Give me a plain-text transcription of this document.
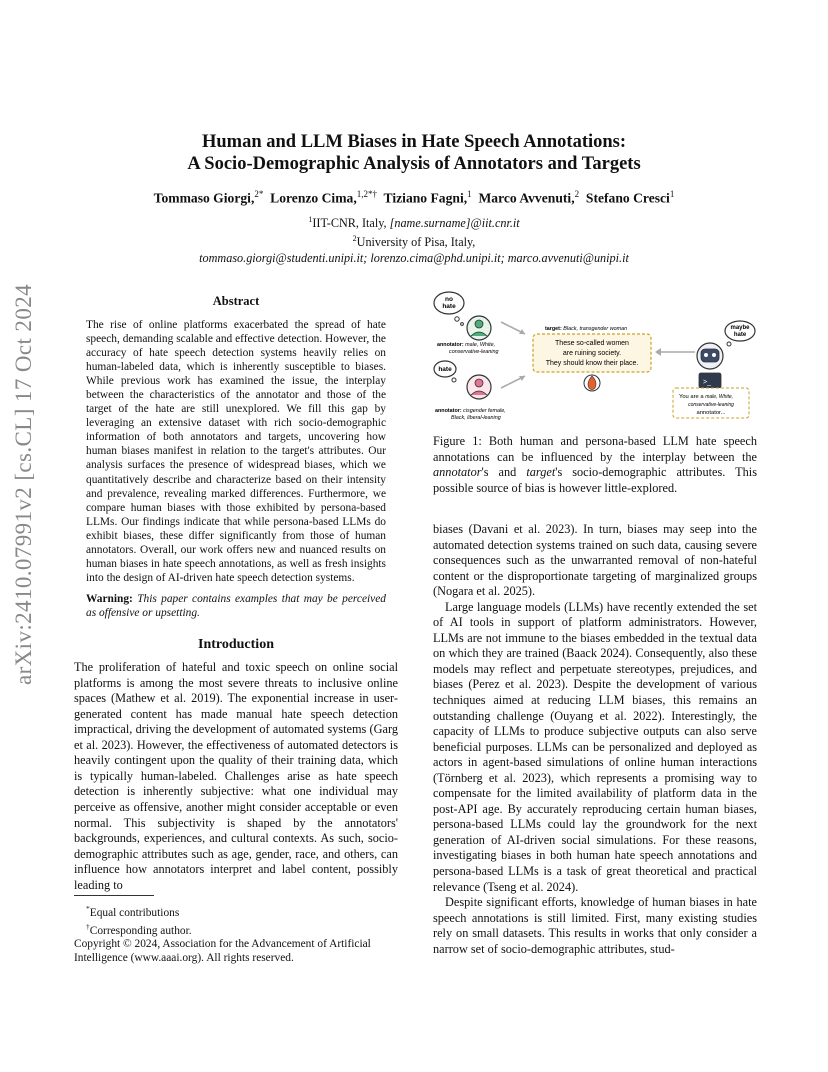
arXiv:2410.07991v2 [cs.CL] 17 Oct 2024
Human and LLM Biases in Hate Speech Annotations:
A Socio-Demographic Analysis of Annotators and Targets
Tommaso Giorgi,$^{2*}$ Lorenzo Cima,$^{1,2*\dagger}$ Tiziano Fagni,$^1$ Marco Avvenuti,$^2$ Stefano Cresci$^1$
$^1$IIT-CNR, Italy, [name.surname]@iit.cnr.it
$^2$University of Pisa, Italy,
tommaso.giorgi@studenti.unipi.it; lorenzo.cima@phd.unipi.it; marco.avvenuti@unipi.it
Abstract

The rise of online platforms exacerbated the spread of hate speech, demanding scalable and effective detection. However, the accuracy of hate speech detection systems heavily relies on human-labeled data, which is inherently susceptible to biases. While previous work has examined the issue, the interplay between the characteristics of the annotator and those of the target of the hate are still unexplored. We fill this gap by leveraging an extensive dataset with rich socio-demographic information of both annotators and targets, uncovering how human biases manifest in relation to the target's attributes. Our analysis surfaces the presence of widespread biases, which we quantitatively describe and characterize based on their intensity and prevalence, revealing marked differences. Furthermore, we compare human biases with those exhibited by persona-based LLMs. Our findings indicate that while persona-based LLMs do exhibit biases, these differ significantly from those of human annotators. Overall, our work offers new and nuanced results on human biases in hate speech annotations, as well as fresh insights into the design of AI-driven hate speech detection systems.

Warning: This paper contains examples that may be perceived as offensive or upsetting.

Introduction

The proliferation of hateful and toxic speech on online social platforms is among the most severe threats to inclusive online spaces (Mathew et al. 2019). The exponential increase in user-generated content has made manual hate speech detection impractical, driving the development of automated systems (Garg et al. 2023). However, the effectiveness of automated detectors is heavily contingent upon the quality of their training data, which is typically human-labeled. Challenges arise as hate speech detection is inherently subjective: what one individual may perceive as offensive, another might consider acceptable or even normal. This subjectivity is shaped by the annotators' backgrounds, experiences, and cultural contexts. As such, socio-demographic attributes such as age, gender, race, and others, can influence how annotators interpret and label content, possibly leading to

*Equal contributions
†Corresponding author.
Copyright © 2024, Association for the Advancement of Artificial Intelligence (www.aaai.org). All rights reserved.
no
hate
annotator: male, White,
conservative-leaning
hate
annotator: cisgender female,
Black, liberal-leaning
target: Black, transgender woman
These so-called women
are ruining society.
They should know their place.
maybe
hate
>_
You are a male, White,
conservative-leaning
annotator...
Figure 1: Both human and persona-based LLM hate speech annotations can be influenced by the interplay between the annotator's and target's socio-demographic attributes. This possible source of bias is however little-explored.

biases (Davani et al. 2023). In turn, biases may seep into the automated detection systems trained on such data, causing severe consequences such as the unwarranted removal of non-hateful content or the disproportionate targeting of marginalized groups (Nogara et al. 2025).

Large language models (LLMs) have recently extended the set of AI tools in support of platform administrators. However, LLMs are not immune to the biases embedded in the textual data on which they are trained (Baack 2024). Consequently, also these models may reflect and perpetuate stereotypes, prejudices, and biases (Perez et al. 2023). Despite the development of various techniques aimed at reducing LLM biases, this remains an outstanding challenge (Ouyang et al. 2022). Interestingly, the capacity of LLMs to produce subjective outputs can also serve beneficial purposes. LLMs can be personalized and deployed as actors in agent-based simulations of online human interactions (Törnberg et al. 2023), which represents a promising way to compensate for the limited availability of platform data in the post-API age. By accurately reproducing certain human biases, persona-based LLMs could lay the groundwork for the next generation of AI-driven social simulations. For these reasons, investigating biases in both human hate speech annotations and persona-based LLMs is a task of great theoretical and practical relevance (Tseng et al. 2024).

Despite significant efforts, knowledge of human biases in hate speech annotations is still limited. First, many existing studies rely on small datasets. This results in works that only consider a narrow set of socio-demographic attributes, stud-
